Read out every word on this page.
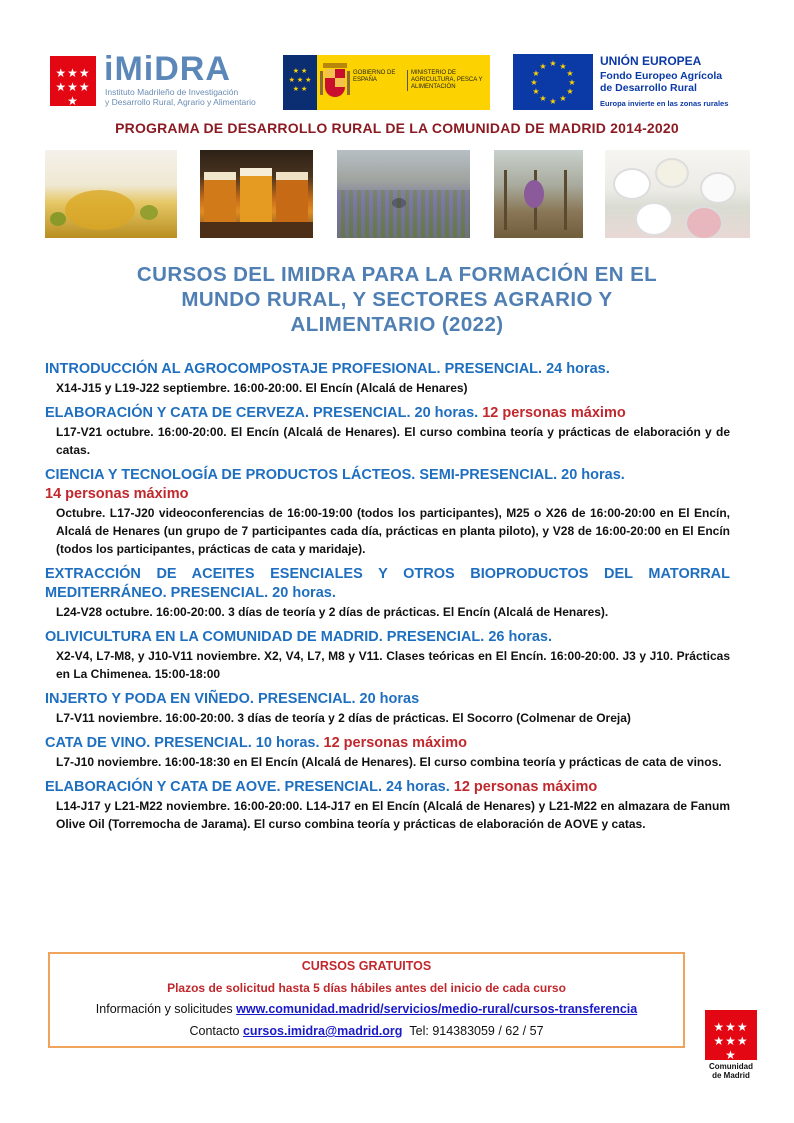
★★★
★★★
★
iMiDRA
Instituto Madrileño de Investigación
y Desarrollo Rural, Agrario y Alimentario
★ ★
★ ★ ★
★ ★
GOBIERNO DE ESPAÑA
MINISTERIO DE AGRICULTURA, PESCA Y ALIMENTACIÓN
★ ★
★
★
★
★
★
★
★
★
★
★	UNIÓN EUROPEA
Fondo Europeo Agrícola
de Desarrollo Rural
Europa invierte en las zonas rurales
PROGRAMA DE DESARROLLO RURAL DE LA COMUNIDAD DE MADRID 2014-2020
CURSOS DEL IMIDRA PARA LA FORMACIÓN EN EL
MUNDO RURAL, Y SECTORES AGRARIO Y
ALIMENTARIO (2022)
INTRODUCCIÓN AL AGROCOMPOSTAJE PROFESIONAL. PRESENCIAL. 24 horas.
X14-J15 y L19-J22 septiembre. 16:00-20:00. El Encín (Alcalá de Henares)
ELABORACIÓN Y CATA DE CERVEZA. PRESENCIAL. 20 horas. 12 personas máximo
L17-V21 octubre. 16:00-20:00. El Encín (Alcalá de Henares). El curso combina teoría y prácticas de elaboración y de catas.
CIENCIA Y TECNOLOGÍA DE PRODUCTOS LÁCTEOS. SEMI-PRESENCIAL. 20 horas.
14 personas máximo
Octubre. L17-J20 videoconferencias de 16:00-19:00 (todos los participantes), M25 o X26 de 16:00-20:00 en El Encín, Alcalá de Henares (un grupo de 7 participantes cada día, prácticas en planta piloto), y V28 de 16:00-20:00 en El Encín (todos los participantes, prácticas de cata y maridaje).
EXTRACCIÓN DE ACEITES ESENCIALES Y OTROS BIOPRODUCTOS DEL MATORRAL MEDITERRÁNEO. PRESENCIAL. 20 horas.
L24-V28 octubre. 16:00-20:00. 3 días de teoría y 2 días de prácticas. El Encín (Alcalá de Henares).
OLIVICULTURA EN LA COMUNIDAD DE MADRID. PRESENCIAL. 26 horas.
X2-V4, L7-M8, y J10-V11 noviembre. X2, V4, L7, M8 y V11. Clases teóricas en El Encín. 16:00-20:00. J3 y J10. Prácticas en La Chimenea. 15:00-18:00
INJERTO Y PODA EN VIÑEDO. PRESENCIAL. 20 horas
L7-V11 noviembre. 16:00-20:00. 3 días de teoría y 2 días de prácticas. El Socorro (Colmenar de Oreja)
CATA DE VINO. PRESENCIAL. 10 horas. 12 personas máximo
L7-J10 noviembre. 16:00-18:30 en El Encín (Alcalá de Henares). El curso combina teoría y prácticas de cata de vinos.
ELABORACIÓN Y CATA DE AOVE. PRESENCIAL. 24 horas. 12 personas máximo
L14-J17 y L21-M22 noviembre. 16:00-20:00. L14-J17 en El Encín (Alcalá de Henares) y L21-M22 en almazara de Fanum Olive Oil (Torremocha de Jarama). El curso combina teoría y prácticas de elaboración de AOVE y catas.
CURSOS GRATUITOS
Plazos de solicitud hasta 5 días hábiles antes del inicio de cada curso
Información y solicitudes www.comunidad.madrid/servicios/medio-rural/cursos-transferencia
Contacto cursos.imidra@madrid.org Tel: 914383059 / 62 / 57	★★★
★★★
★
Comunidad
de Madrid
